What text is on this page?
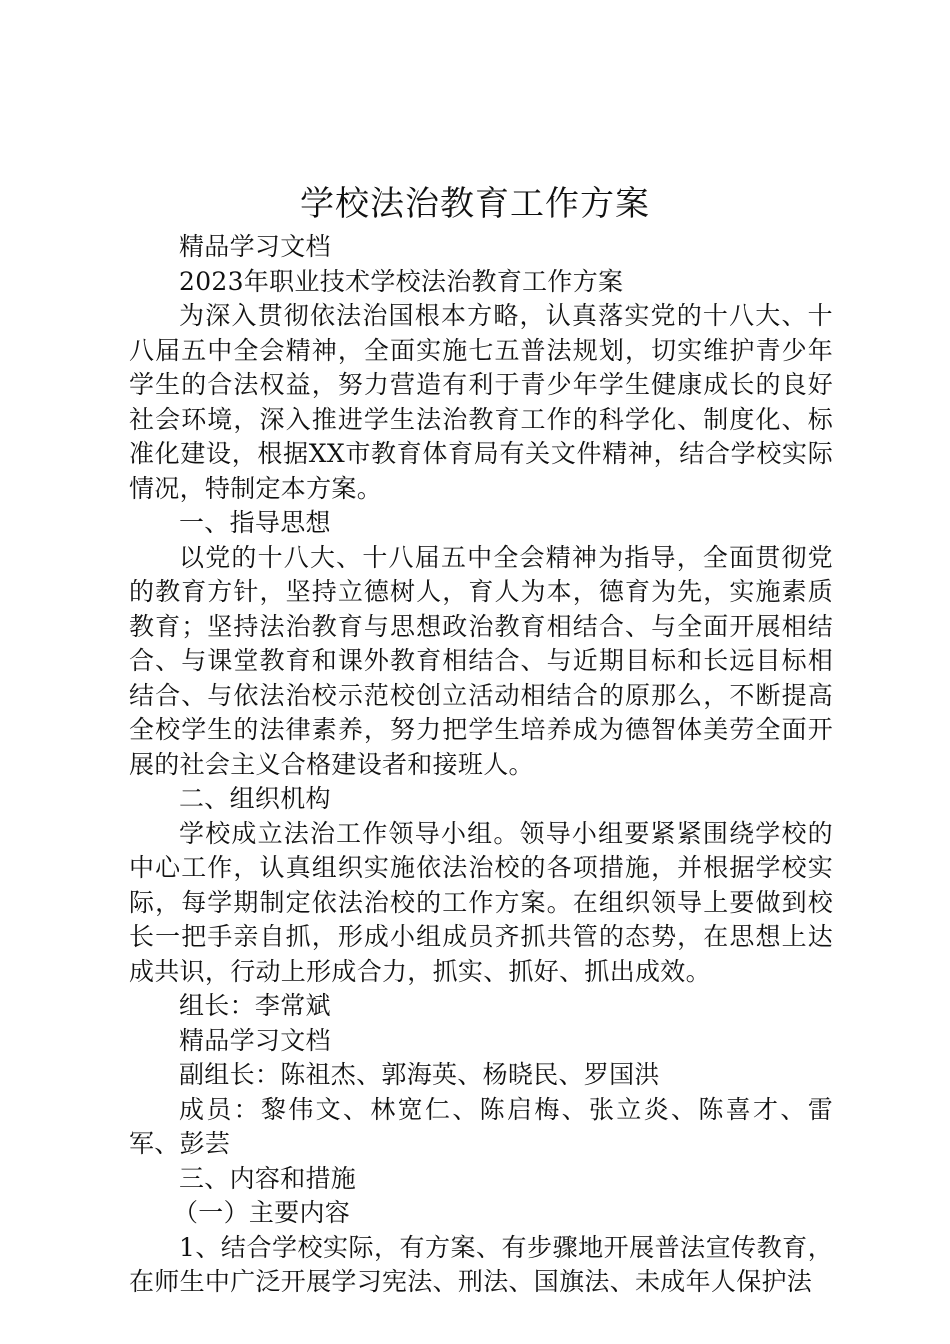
学校法治教育工作方案

精品学习文档

2023年职业技术学校法治教育工作方案

为深入贯彻依法治国根本方略，认真落实党的十八大、十八届五中全会精神，全面实施七五普法规划，切实维护青少年学生的合法权益，努力营造有利于青少年学生健康成长的良好社会环境，深入推进学生法治教育工作的科学化、制度化、标准化建设，根据XX市教育体育局有关文件精神，结合学校实际情况，特制定本方案。

一、指导思想

以党的十八大、十八届五中全会精神为指导，全面贯彻党的教育方针，坚持立德树人，育人为本，德育为先，实施素质教育；坚持法治教育与思想政治教育相结合、与全面开展相结合、与课堂教育和课外教育相结合、与近期目标和长远目标相结合、与依法治校示范校创立活动相结合的原那么，不断提高全校学生的法律素养，努力把学生培养成为德智体美劳全面开展的社会主义合格建设者和接班人。

二、组织机构

学校成立法治工作领导小组。领导小组要紧紧围绕学校的中心工作，认真组织实施依法治校的各项措施，并根据学校实际，每学期制定依法治校的工作方案。在组织领导上要做到校长一把手亲自抓，形成小组成员齐抓共管的态势，在思想上达成共识，行动上形成合力，抓实、抓好、抓出成效。

组长：李常斌

精品学习文档

副组长：陈祖杰、郭海英、杨晓民、罗国洪

成员：黎伟文、林宽仁、陈启梅、张立炎、陈喜才、雷军、彭芸

三、内容和措施

（一）主要内容

1、结合学校实际，有方案、有步骤地开展普法宣传教育，在师生中广泛开展学习宪法、刑法、国旗法、未成年人保护法
